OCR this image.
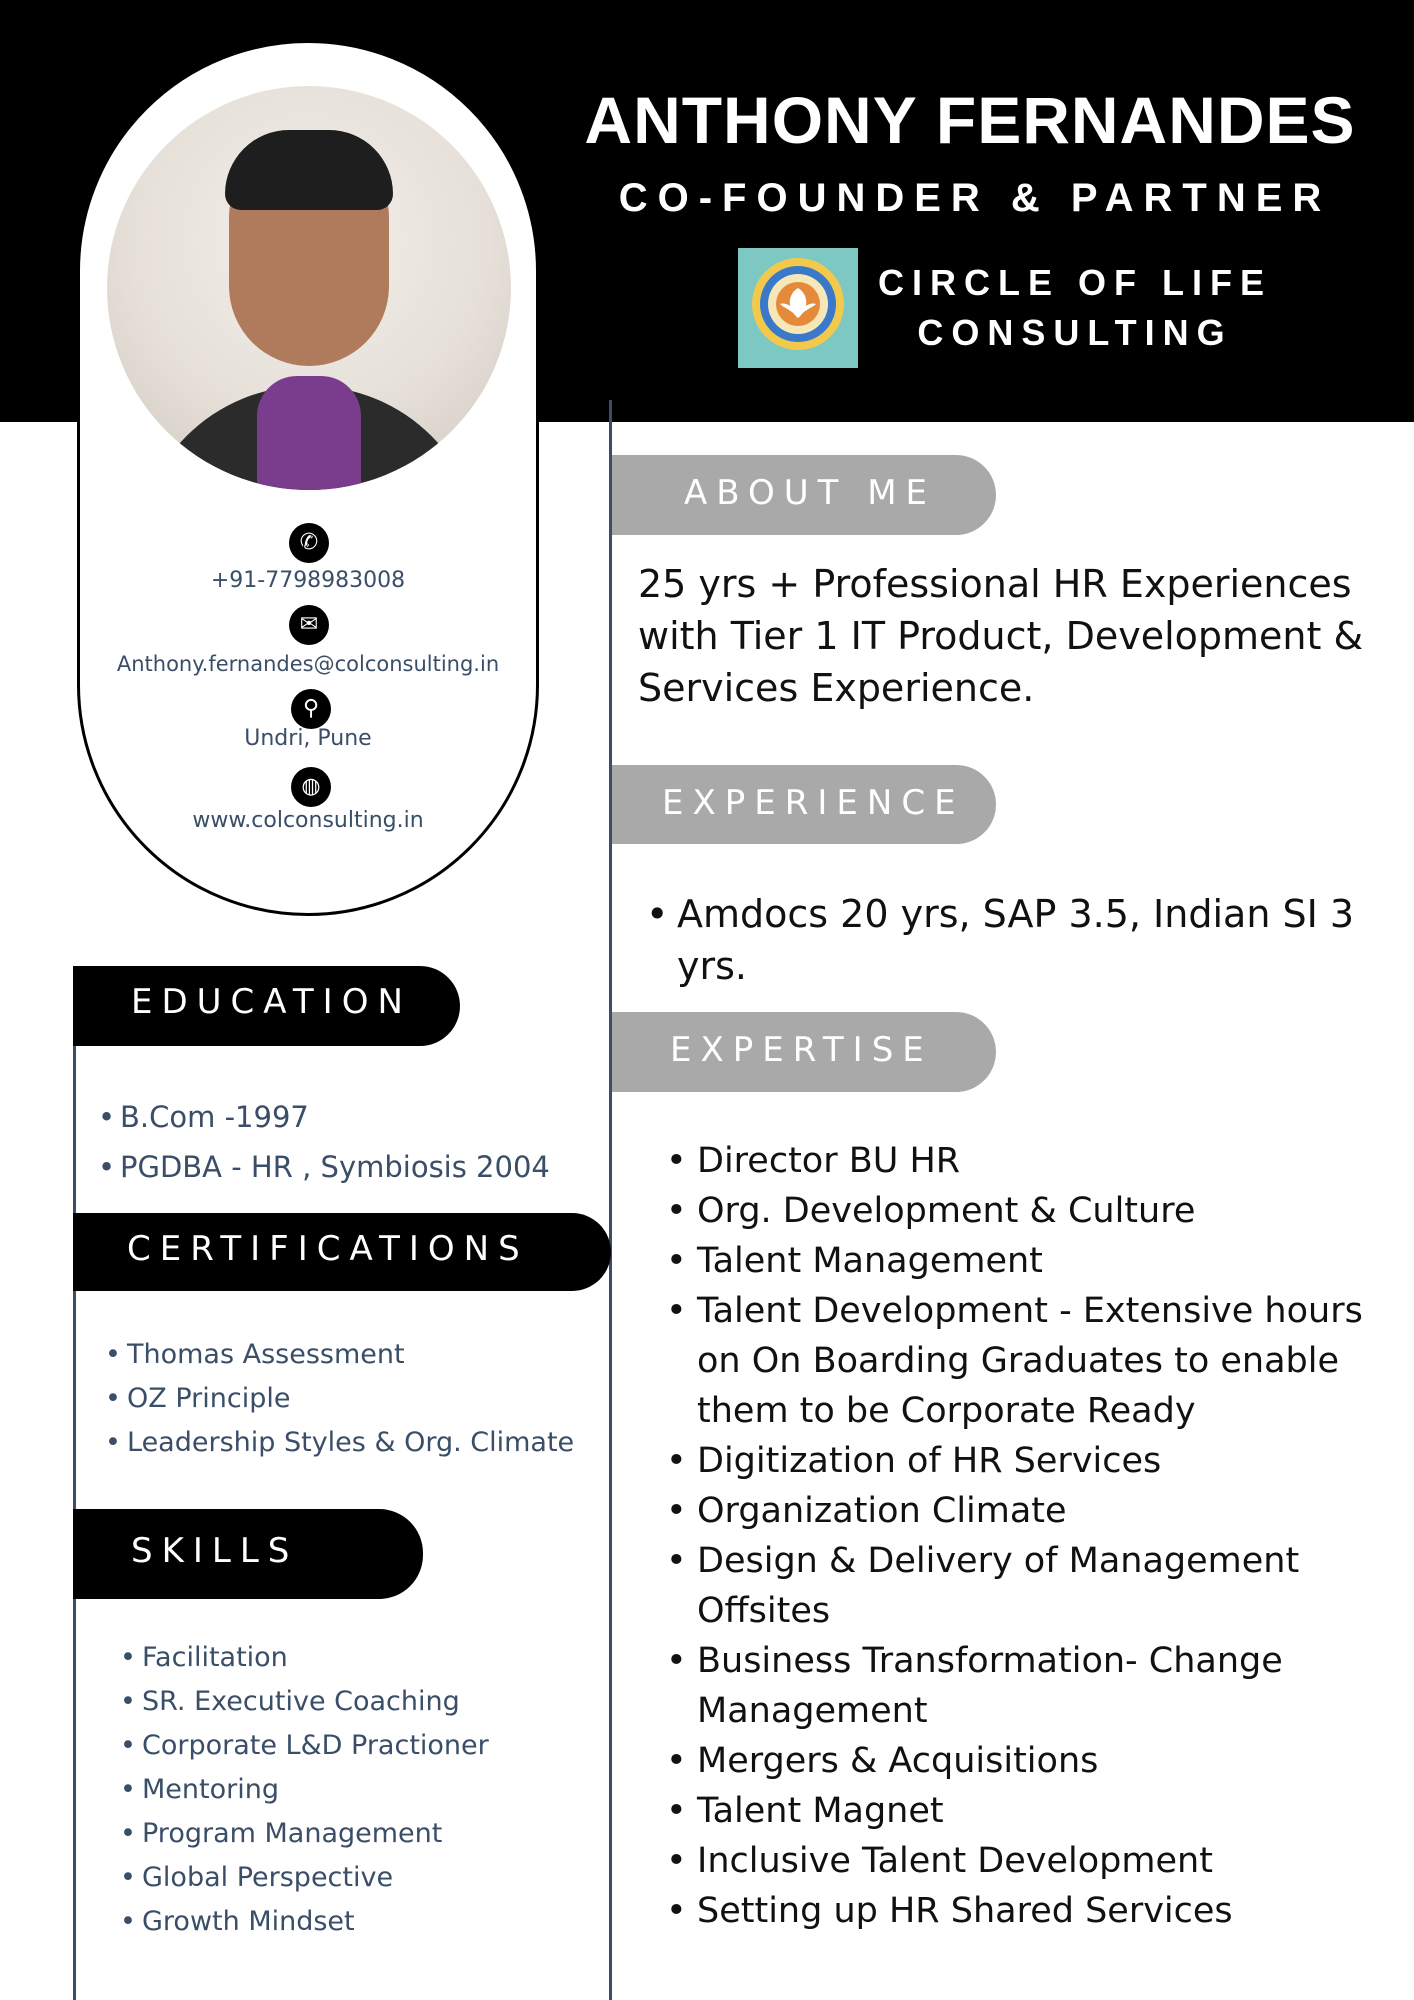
ANTHONY FERNANDES
CO-FOUNDER & PARTNER
CIRCLE OF LIFE
CONSULTING
✆
+91-7798983008
✉
Anthony.fernandes@colconsulting.in
⚲
Undri, Pune
◍
www.colconsulting.in
EDUCATION
• B.Com -1997
• PGDBA - HR , Symbiosis 2004
CERTIFICATIONS
• Thomas Assessment
• OZ Principle
• Leadership Styles & Org. Climate
SKILLS
• Facilitation
• SR. Executive Coaching
• Corporate L&D Practioner
• Mentoring
• Program Management
• Global Perspective
• Growth Mindset
ABOUT ME
25 yrs + Professional HR Experiences with Tier 1 IT Product, Development & Services Experience.
EXPERIENCE
• Amdocs 20 yrs, SAP 3.5, Indian SI 3 yrs.
EXPERTISE
• Director BU HR
• Org. Development & Culture
• Talent Management
• Talent Development - Extensive hours on On Boarding Graduates to enable them to be Corporate Ready
• Digitization of HR Services
• Organization Climate
• Design & Delivery of Management Offsites
• Business Transformation- Change Management
• Mergers & Acquisitions
• Talent Magnet
• Inclusive Talent Development
• Setting up HR Shared Services
